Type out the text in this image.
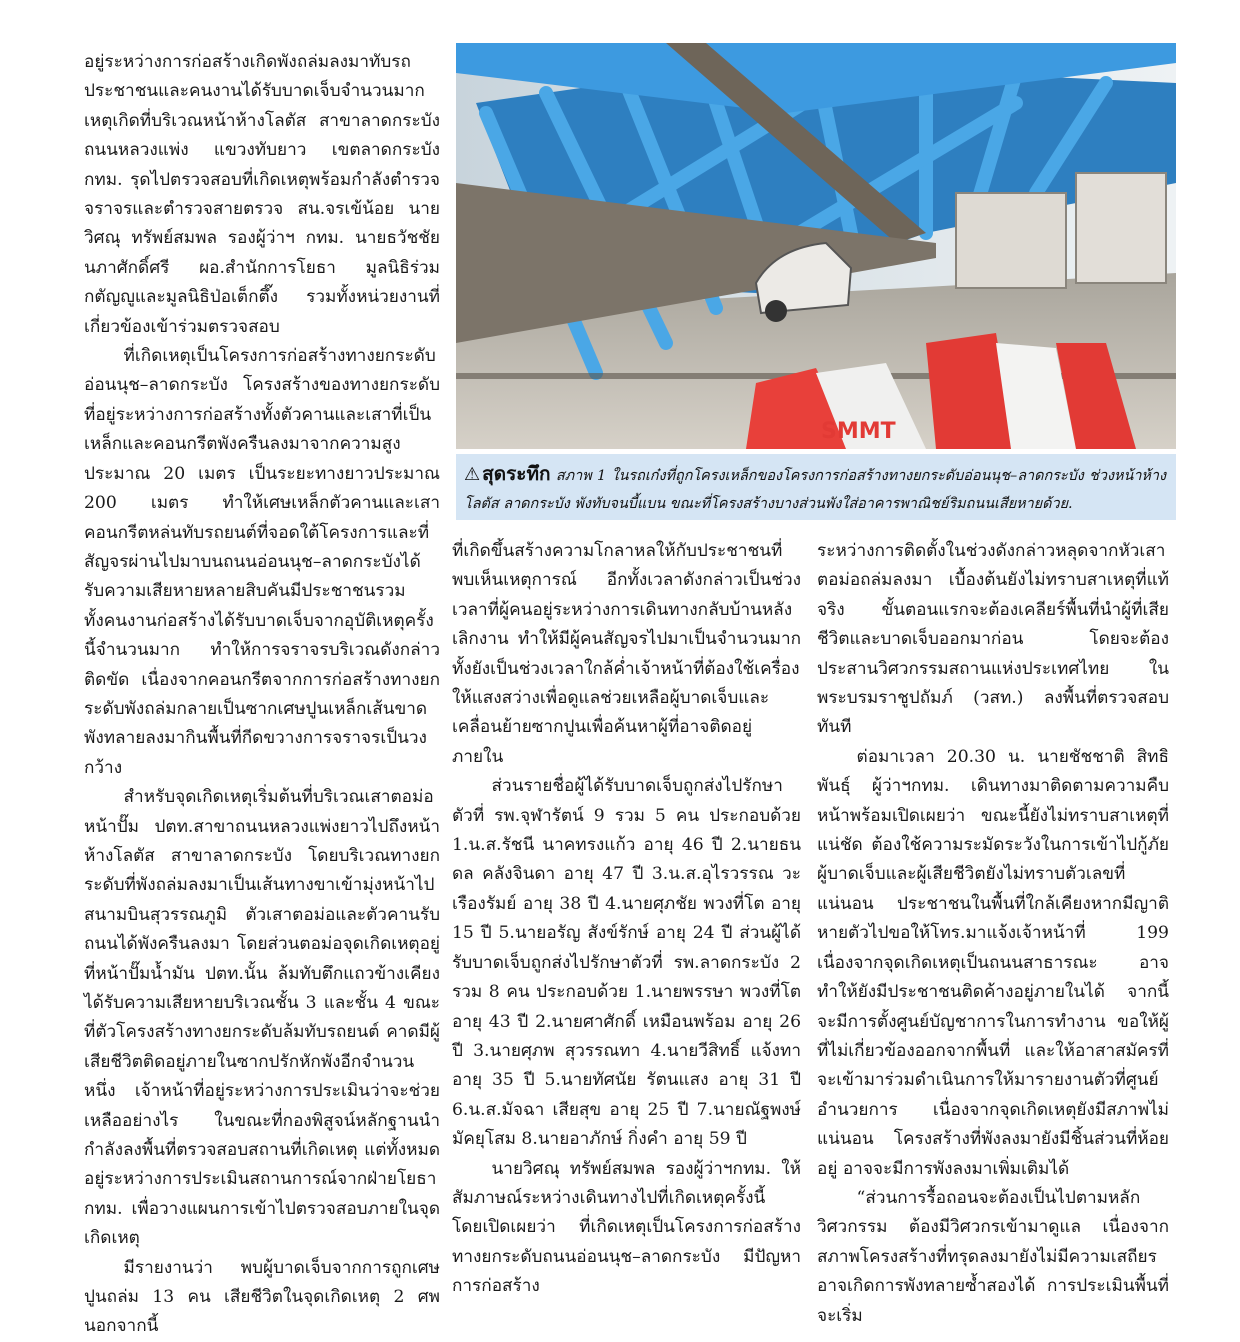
อยู่ระหว่างการก่อสร้างเกิดพังถล่มลงมาทับรถประชาชนและคนงานได้รับบาดเจ็บจำนวนมากเหตุเกิดที่บริเวณหน้าห้างโลตัส สาขาลาดกระบัง ถนนหลวงแพ่ง แขวงทับยาว เขตลาดกระบัง กทม. รุดไปตรวจสอบที่เกิดเหตุพร้อมกำลังตำรวจจราจรและตำรวจสายตรวจ สน.จรเข้น้อย นายวิศณุ ทรัพย์สมพล รองผู้ว่าฯ กทม. นายธวัชชัย นภาศักดิ์ศรี ผอ.สำนักการโยธา มูลนิธิร่วมกตัญญูและมูลนิธิป่อเต็กตึ๊ง รวมทั้งหน่วยงานที่เกี่ยวข้องเข้าร่วมตรวจสอบ

ที่เกิดเหตุเป็นโครงการก่อสร้างทางยกระดับอ่อนนุช–ลาดกระบัง โครงสร้างของทางยกระดับที่อยู่ระหว่างการก่อสร้างทั้งตัวคานและเสาที่เป็นเหล็กและคอนกรีตพังครืนลงมาจากความสูงประมาณ 20 เมตร เป็นระยะทางยาวประมาณ 200 เมตร ทำให้เศษเหล็กตัวคานและเสาคอนกรีตหล่นทับรถยนต์ที่จอดใต้โครงการและที่สัญจรผ่านไปมาบนถนนอ่อนนุช–ลาดกระบังได้รับความเสียหายหลายสิบคันมีประชาชนรวมทั้งคนงานก่อสร้างได้รับบาดเจ็บจากอุบัติเหตุครั้งนี้จำนวนมาก ทำให้การจราจรบริเวณดังกล่าวติดขัด เนื่องจากคอนกรีตจากการก่อสร้างทางยกระดับพังถล่มกลายเป็นซากเศษปูนเหล็กเส้นขาดพังทลายลงมากินพื้นที่กีดขวางการจราจรเป็นวงกว้าง

สำหรับจุดเกิดเหตุเริ่มต้นที่บริเวณเสาตอม่อหน้าปั๊ม ปตท.สาขาถนนหลวงแพ่งยาวไปถึงหน้าห้างโลตัส สาขาลาดกระบัง โดยบริเวณทางยกระดับที่พังถล่มลงมาเป็นเส้นทางขาเข้ามุ่งหน้าไปสนามบินสุวรรณภูมิ ตัวเสาตอม่อและตัวคานรับถนนได้พังครืนลงมา โดยส่วนตอม่อจุดเกิดเหตุอยู่ที่หน้าปั๊มน้ำมัน ปตท.นั้น ล้มทับตึกแถวข้างเคียงได้รับความเสียหายบริเวณชั้น 3 และชั้น 4 ขณะที่ตัวโครงสร้างทางยกระดับล้มทับรถยนต์ คาดมีผู้เสียชีวิตติดอยู่ภายในซากปรักหักพังอีกจำนวนหนึ่ง เจ้าหน้าที่อยู่ระหว่างการประเมินว่าจะช่วยเหลืออย่างไร ในขณะที่กองพิสูจน์หลักฐานนำกำลังลงพื้นที่ตรวจสอบสถานที่เกิดเหตุ แต่ทั้งหมดอยู่ระหว่างการประเมินสถานการณ์จากฝ่ายโยธา กทม. เพื่อวางแผนการเข้าไปตรวจสอบภายในจุดเกิดเหตุ

มีรายงานว่า พบผู้บาดเจ็บจากการถูกเศษปูนถล่ม 13 คน เสียชีวิตในจุดเกิดเหตุ 2 ศพ นอกจากนี้

SMMT
⚠ สุดระทึก สภาพ 1 ในรถเก๋งที่ถูกโครงเหล็กของโครงการก่อสร้างทางยกระดับอ่อนนุช–ลาดกระบัง ช่วงหน้าห้างโลตัส ลาดกระบัง พังทับจนบี้แบน ขณะที่โครงสร้างบางส่วนพังใส่อาคารพาณิชย์ริมถนนเสียหายด้วย.

ที่เกิดขึ้นสร้างความโกลาหลให้กับประชาชนที่พบเห็นเหตุการณ์ อีกทั้งเวลาดังกล่าวเป็นช่วงเวลาที่ผู้คนอยู่ระหว่างการเดินทางกลับบ้านหลังเลิกงาน ทำให้มีผู้คนสัญจรไปมาเป็นจำนวนมากทั้งยังเป็นช่วงเวลาใกล้ค่ำเจ้าหน้าที่ต้องใช้เครื่องให้แสงสว่างเพื่อดูแลช่วยเหลือผู้บาดเจ็บและเคลื่อนย้ายซากปูนเพื่อค้นหาผู้ที่อาจติดอยู่ภายใน

ส่วนรายชื่อผู้ได้รับบาดเจ็บถูกส่งไปรักษาตัวที่ รพ.จุฬารัตน์ 9 รวม 5 คน ประกอบด้วย 1.น.ส.รัชนี นาคทรงแก้ว อายุ 46 ปี 2.นายธนดล คลังจินดา อายุ 47 ปี 3.น.ส.อุไรวรรณ วะเรืองรัมย์ อายุ 38 ปี 4.นายศุภชัย พวงที่โต อายุ 15 ปี 5.นายอรัญ สังข์รักษ์ อายุ 24 ปี ส่วนผู้ได้รับบาดเจ็บถูกส่งไปรักษาตัวที่ รพ.ลาดกระบัง 2 รวม 8 คน ประกอบด้วย 1.นายพรรษา พวงที่โต อายุ 43 ปี 2.นายศาศักดิ์ เหมือนพร้อม อายุ 26 ปี 3.นายศุภพ สุวรรณทา 4.นายวีสิทธิ์ แจ้งทา อายุ 35 ปี 5.นายทัศนัย รัตนแสง อายุ 31 ปี 6.น.ส.มัจฉา เสียสุข อายุ 25 ปี 7.นายณัฐพงษ์ มัคยุโสม 8.นายอาภักษ์ กิ่งคำ อายุ 59 ปี

นายวิศณุ ทรัพย์สมพล รองผู้ว่าฯกทม. ให้สัมภาษณ์ระหว่างเดินทางไปที่เกิดเหตุครั้งนี้ โดยเปิดเผยว่า ที่เกิดเหตุเป็นโครงการก่อสร้างทางยกระดับถนนอ่อนนุช–ลาดกระบัง มีปัญหาการก่อสร้าง

ระหว่างการติดตั้งในช่วงดังกล่าวหลุดจากหัวเสาตอม่อถล่มลงมา เบื้องต้นยังไม่ทราบสาเหตุที่แท้จริง ขั้นตอนแรกจะต้องเคลียร์พื้นที่นำผู้ที่เสียชีวิตและบาดเจ็บออกมาก่อน โดยจะต้องประสานวิศวกรรมสถานแห่งประเทศไทย ในพระบรมราชูปถัมภ์ (วสท.) ลงพื้นที่ตรวจสอบทันที

ต่อมาเวลา 20.30 น. นายชัชชาติ สิทธิพันธุ์ ผู้ว่าฯกทม. เดินทางมาติดตามความคืบหน้าพร้อมเปิดเผยว่า ขณะนี้ยังไม่ทราบสาเหตุที่แน่ชัด ต้องใช้ความระมัดระวังในการเข้าไปกู้ภัย ผู้บาดเจ็บและผู้เสียชีวิตยังไม่ทราบตัวเลขที่แน่นอน ประชาชนในพื้นที่ใกล้เคียงหากมีญาติหายตัวไปขอให้โทร.มาแจ้งเจ้าหน้าที่ 199 เนื่องจากจุดเกิดเหตุเป็นถนนสาธารณะ อาจทำให้ยังมีประชาชนติดค้างอยู่ภายในได้ จากนี้จะมีการตั้งศูนย์บัญชาการในการทำงาน ขอให้ผู้ที่ไม่เกี่ยวข้องออกจากพื้นที่ และให้อาสาสมัครที่จะเข้ามาร่วมดำเนินการให้มารายงานตัวที่ศูนย์อำนวยการ เนื่องจากจุดเกิดเหตุยังมีสภาพไม่แน่นอน โครงสร้างที่พังลงมายังมีชิ้นส่วนที่ห้อยอยู่ อาจจะมีการพังลงมาเพิ่มเติมได้

“ส่วนการรื้อถอนจะต้องเป็นไปตามหลักวิศวกรรม ต้องมีวิศวกรเข้ามาดูแล เนื่องจากสภาพโครงสร้างที่ทรุดลงมายังไม่มีความเสถียร อาจเกิดการพังทลายซ้ำสองได้ การประเมินพื้นที่จะเริ่ม
